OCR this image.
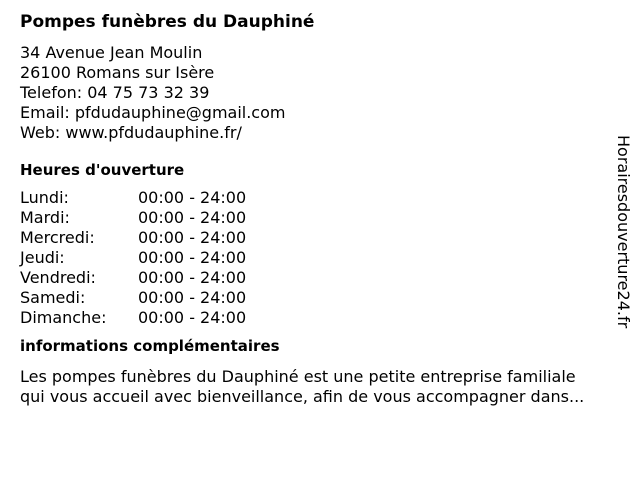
Pompes funèbres du Dauphiné
34 Avenue Jean Moulin
26100 Romans sur Isère
Telefon: 04 75 73 32 39
Email: pfdudauphine@gmail.com
Web: www.pfdudauphine.fr/
Heures d'ouverture
Lundi:	00:00 - 24:00
Mardi:	00:00 - 24:00
Mercredi:	00:00 - 24:00
Jeudi:	00:00 - 24:00
Vendredi:	00:00 - 24:00
Samedi:	00:00 - 24:00
Dimanche:	00:00 - 24:00
informations complémentaires
Les pompes funèbres du Dauphiné est une petite entreprise familiale
qui vous accueil avec bienveillance, afin de vous accompagner dans...
Horairesdouverture24.fr
